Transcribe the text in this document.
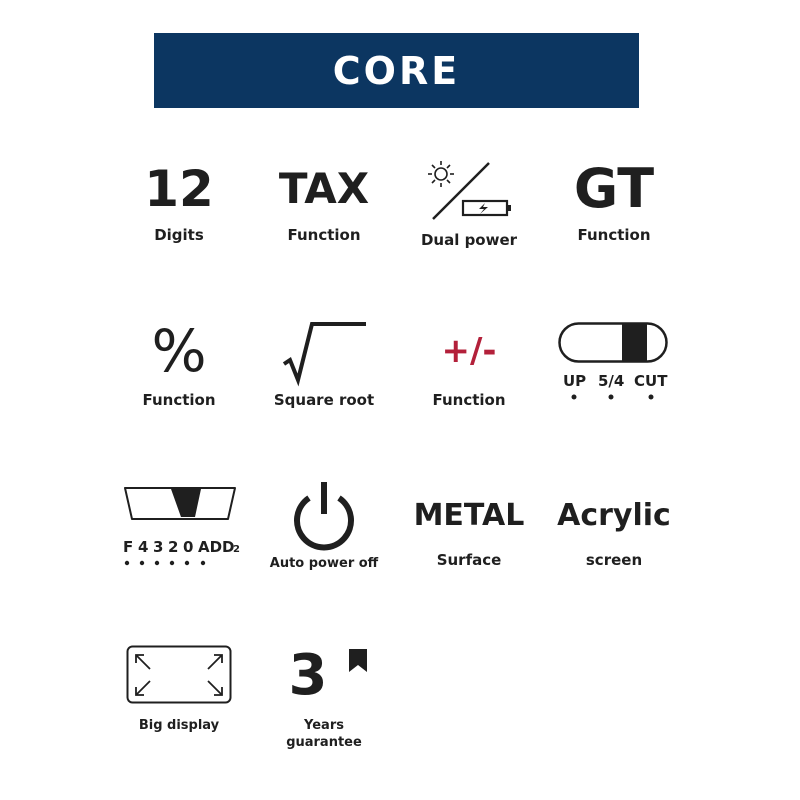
CORE
12
Digits
TAX
Function	Dual power
GT
Function
%
Function	Square root
+/-
Function
UP 5/4 CUT
F 4 3 2 0 ADD
2
Auto power off
METAL
Surface
Acrylic
screen
Big display
3
Years
guarantee
